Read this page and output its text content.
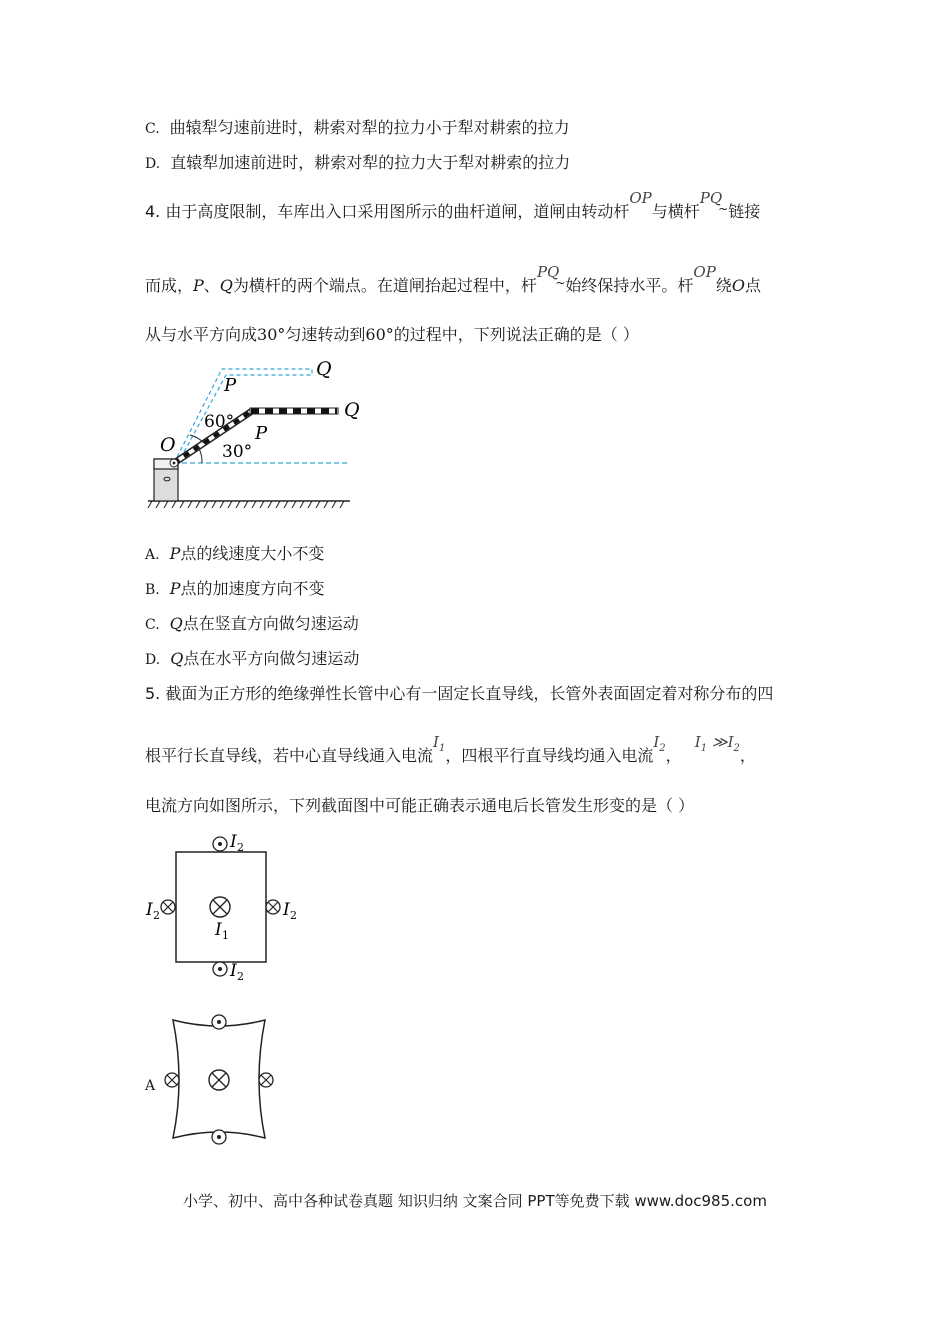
C. 曲辕犁匀速前进时，耕索对犁的拉力小于犁对耕索的拉力
D. 直辕犁加速前进时，耕索对犁的拉力大于犁对耕索的拉力
4. 由于高度限制，车库出入口采用图所示的曲杆道闸，道闸由转动杆OP与横杆PQ~链接
而成，P、Q为横杆的两个端点。在道闸抬起过程中，杆PQ~始终保持水平。杆OP绕O点
从与水平方向成30°匀速转动到60°的过程中，下列说法正确的是（ ）
O
P
P
Q
Q
60°
30°
A. P点的线速度大小不变
B. P点的加速度方向不变
C. Q点在竖直方向做匀速运动
D. Q点在水平方向做匀速运动
5. 截面为正方形的绝缘弹性长管中心有一固定长直导线，长管外表面固定着对称分布的四
根平行长直导线，若中心直导线通入电流$I_1$，四根平行直导线均通入电流$I_2$， $I_1$ $≫I_2$，
电流方向如图所示，下列截面图中可能正确表示通电后长管发生形变的是（ ）
I 2
I 2
I 2	I 2
I 1
A
小学、初中、高中各种试卷真题 知识归纳 文案合同 PPT等免费下载 www.doc985.com
